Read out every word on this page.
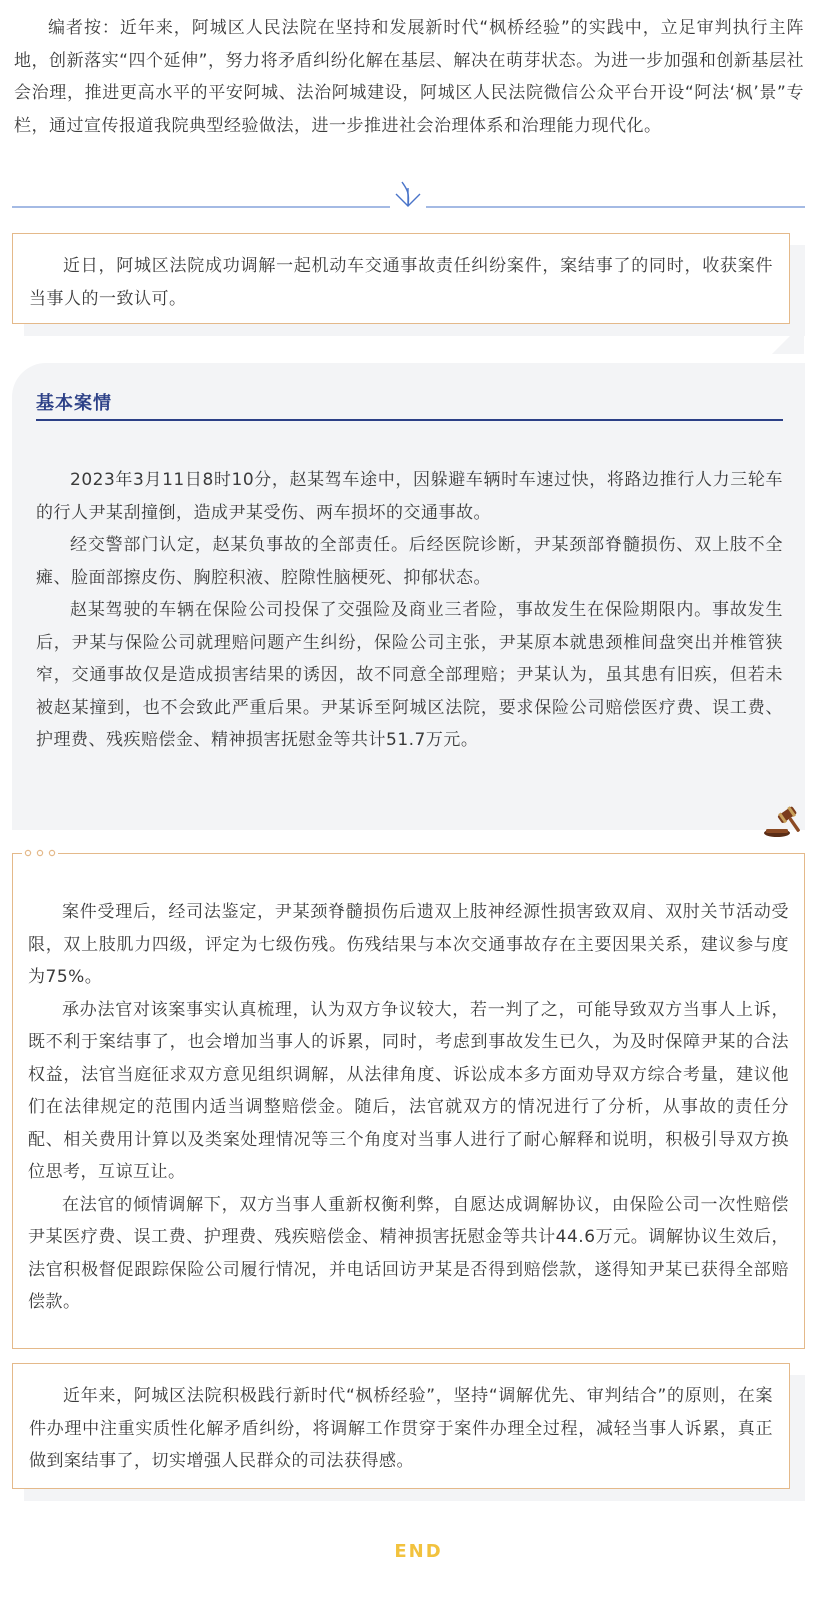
编者按：近年来，阿城区人民法院在坚持和发展新时代“枫桥经验”的实践中，立足审判执行主阵地，创新落实“四个延伸”，努力将矛盾纠纷化解在基层、解决在萌芽状态。为进一步加强和创新基层社会治理，推进更高水平的平安阿城、法治阿城建设，阿城区人民法院微信公众平台开设“阿法‘枫’景”专栏，通过宣传报道我院典型经验做法，进一步推进社会治理体系和治理能力现代化。

近日，阿城区法院成功调解一起机动车交通事故责任纠纷案件，案结事了的同时，收获案件当事人的一致认可。

基本案情

2023年3月11日8时10分，赵某驾车途中，因躲避车辆时车速过快，将路边推行人力三轮车的行人尹某刮撞倒，造成尹某受伤、两车损坏的交通事故。

经交警部门认定，赵某负事故的全部责任。后经医院诊断，尹某颈部脊髓损伤、双上肢不全瘫、脸面部擦皮伤、胸腔积液、腔隙性脑梗死、抑郁状态。

赵某驾驶的车辆在保险公司投保了交强险及商业三者险，事故发生在保险期限内。事故发生后，尹某与保险公司就理赔问题产生纠纷，保险公司主张，尹某原本就患颈椎间盘突出并椎管狭窄，交通事故仅是造成损害结果的诱因，故不同意全部理赔；尹某认为，虽其患有旧疾，但若未被赵某撞到，也不会致此严重后果。尹某诉至阿城区法院，要求保险公司赔偿医疗费、误工费、护理费、残疾赔偿金、精神损害抚慰金等共计51.7万元。

案件受理后，经司法鉴定，尹某颈脊髓损伤后遗双上肢神经源性损害致双肩、双肘关节活动受限，双上肢肌力四级，评定为七级伤残。伤残结果与本次交通事故存在主要因果关系，建议参与度为75%。

承办法官对该案事实认真梳理，认为双方争议较大，若一判了之，可能导致双方当事人上诉，既不利于案结事了，也会增加当事人的诉累，同时，考虑到事故发生已久，为及时保障尹某的合法权益，法官当庭征求双方意见组织调解，从法律角度、诉讼成本多方面劝导双方综合考量，建议他们在法律规定的范围内适当调整赔偿金。随后，法官就双方的情况进行了分析，从事故的责任分配、相关费用计算以及类案处理情况等三个角度对当事人进行了耐心解释和说明，积极引导双方换位思考，互谅互让。

在法官的倾情调解下，双方当事人重新权衡利弊，自愿达成调解协议，由保险公司一次性赔偿尹某医疗费、误工费、护理费、残疾赔偿金、精神损害抚慰金等共计44.6万元。调解协议生效后，法官积极督促跟踪保险公司履行情况，并电话回访尹某是否得到赔偿款，遂得知尹某已获得全部赔偿款。

近年来，阿城区法院积极践行新时代“枫桥经验”，坚持“调解优先、审判结合”的原则，在案件办理中注重实质性化解矛盾纠纷，将调解工作贯穿于案件办理全过程，减轻当事人诉累，真正做到案结事了，切实增强人民群众的司法获得感。

END
